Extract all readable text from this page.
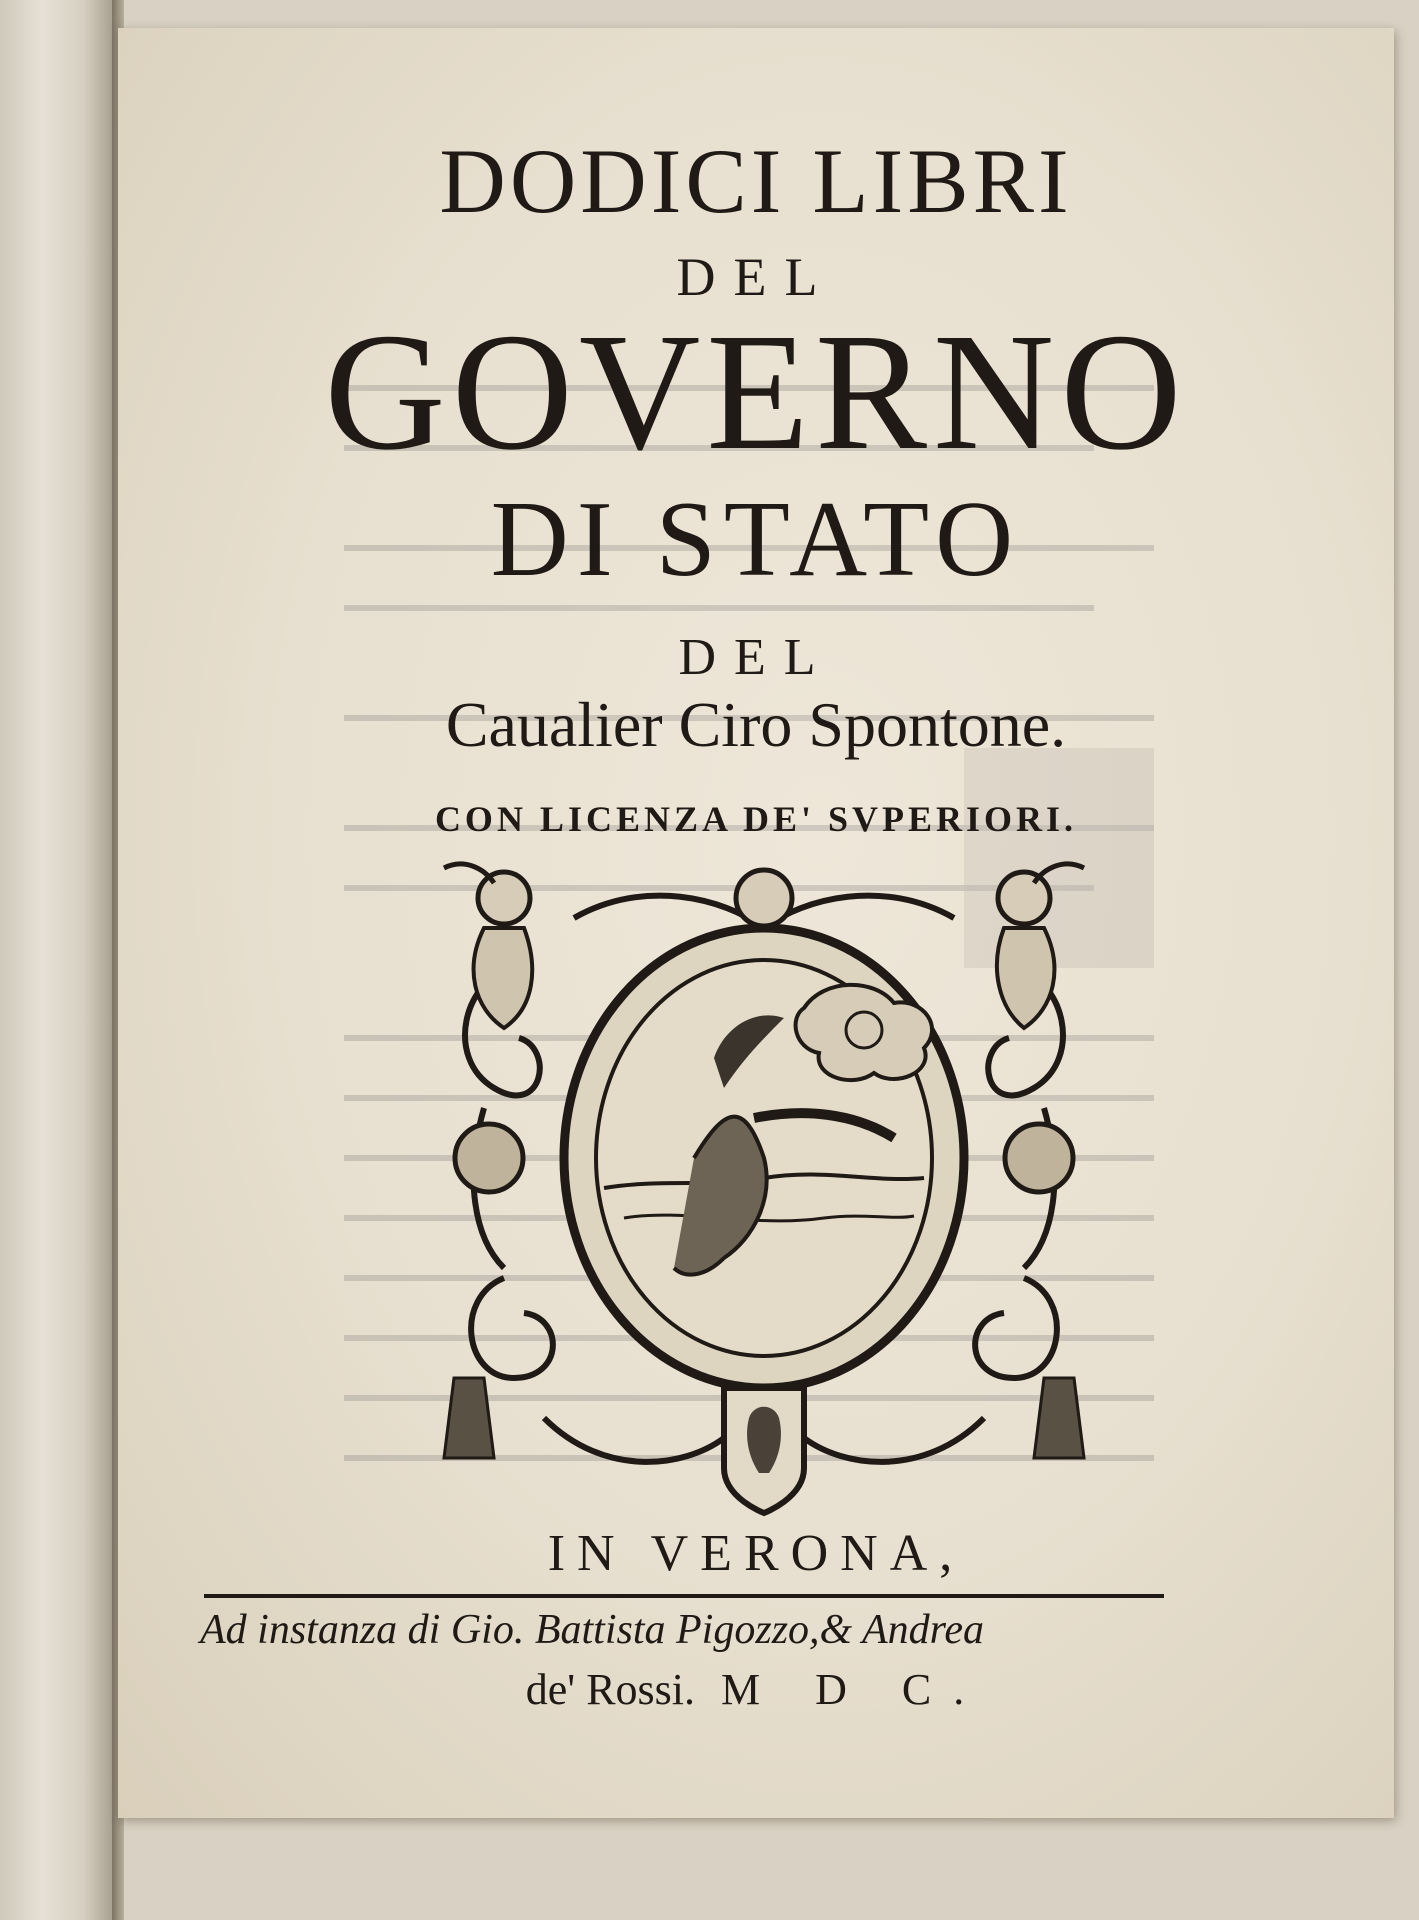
DODICI LIBRI
DEL
GOVERNO
DI STATO
DEL
Caualier Ciro Spontone.
CON LICENZA DE' SVPERIORI.
IN VERONA,
Ad instanza di Gio. Battista Pigozzo,& Andrea
de' Rossi. M D C.
